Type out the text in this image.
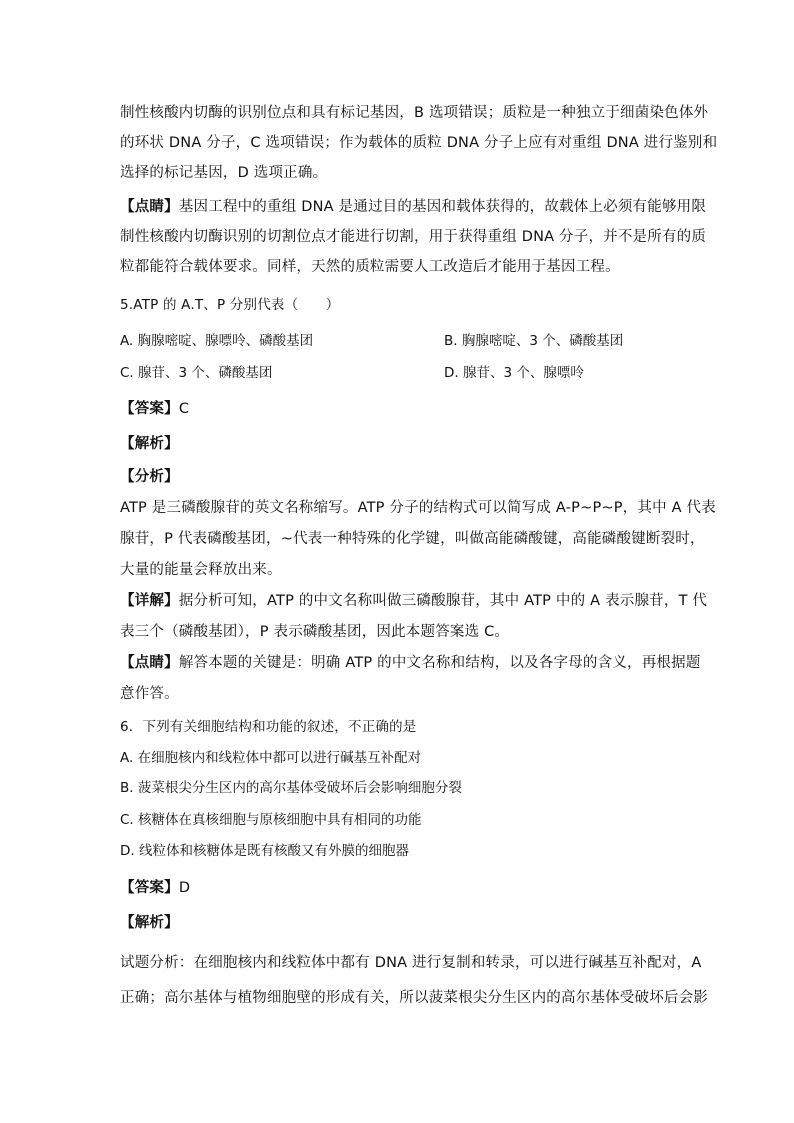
制性核酸内切酶的识别位点和具有标记基因，B 选项错误；质粒是一种独立于细菌染色体外
的环状 DNA 分子，C 选项错误；作为载体的质粒 DNA 分子上应有对重组 DNA 进行鉴别和
选择的标记基因，D 选项正确。
【点睛】基因工程中的重组 DNA 是通过目的基因和载体获得的，故载体上必须有能够用限
制性核酸内切酶识别的切割位点才能进行切割，用于获得重组 DNA 分子，并不是所有的质
粒都能符合载体要求。同样，天然的质粒需要人工改造后才能用于基因工程。
5.ATP 的 A.T、P 分别代表（　　）
A. 胸腺嘧啶、腺嘌呤、磷酸基团	B. 胸腺嘧啶、3 个、磷酸基团
C. 腺苷、3 个、磷酸基团	D. 腺苷、3 个、腺嘌呤
【答案】C
【解析】
【分析】
ATP 是三磷酸腺苷的英文名称缩写。ATP 分子的结构式可以简写成 A-P~P~P，其中 A 代表
腺苷，P 代表磷酸基团，~代表一种特殊的化学键，叫做高能磷酸键，高能磷酸键断裂时，
大量的能量会释放出来。
【详解】据分析可知，ATP 的中文名称叫做三磷酸腺苷，其中 ATP 中的 A 表示腺苷，T 代
表三个（磷酸基团），P 表示磷酸基团，因此本题答案选 C。
【点睛】解答本题的关键是：明确 ATP 的中文名称和结构，以及各字母的含义，再根据题
意作答。
6．下列有关细胞结构和功能的叙述，不正确的是
A. 在细胞核内和线粒体中都可以进行碱基互补配对
B. 菠菜根尖分生区内的高尔基体受破坏后会影响细胞分裂
C. 核糖体在真核细胞与原核细胞中具有相同的功能
D. 线粒体和核糖体是既有核酸又有外膜的细胞器
【答案】D
【解析】
试题分析：在细胞核内和线粒体中都有 DNA 进行复制和转录，可以进行碱基互补配对，A
正确；高尔基体与植物细胞壁的形成有关，所以菠菜根尖分生区内的高尔基体受破坏后会影
